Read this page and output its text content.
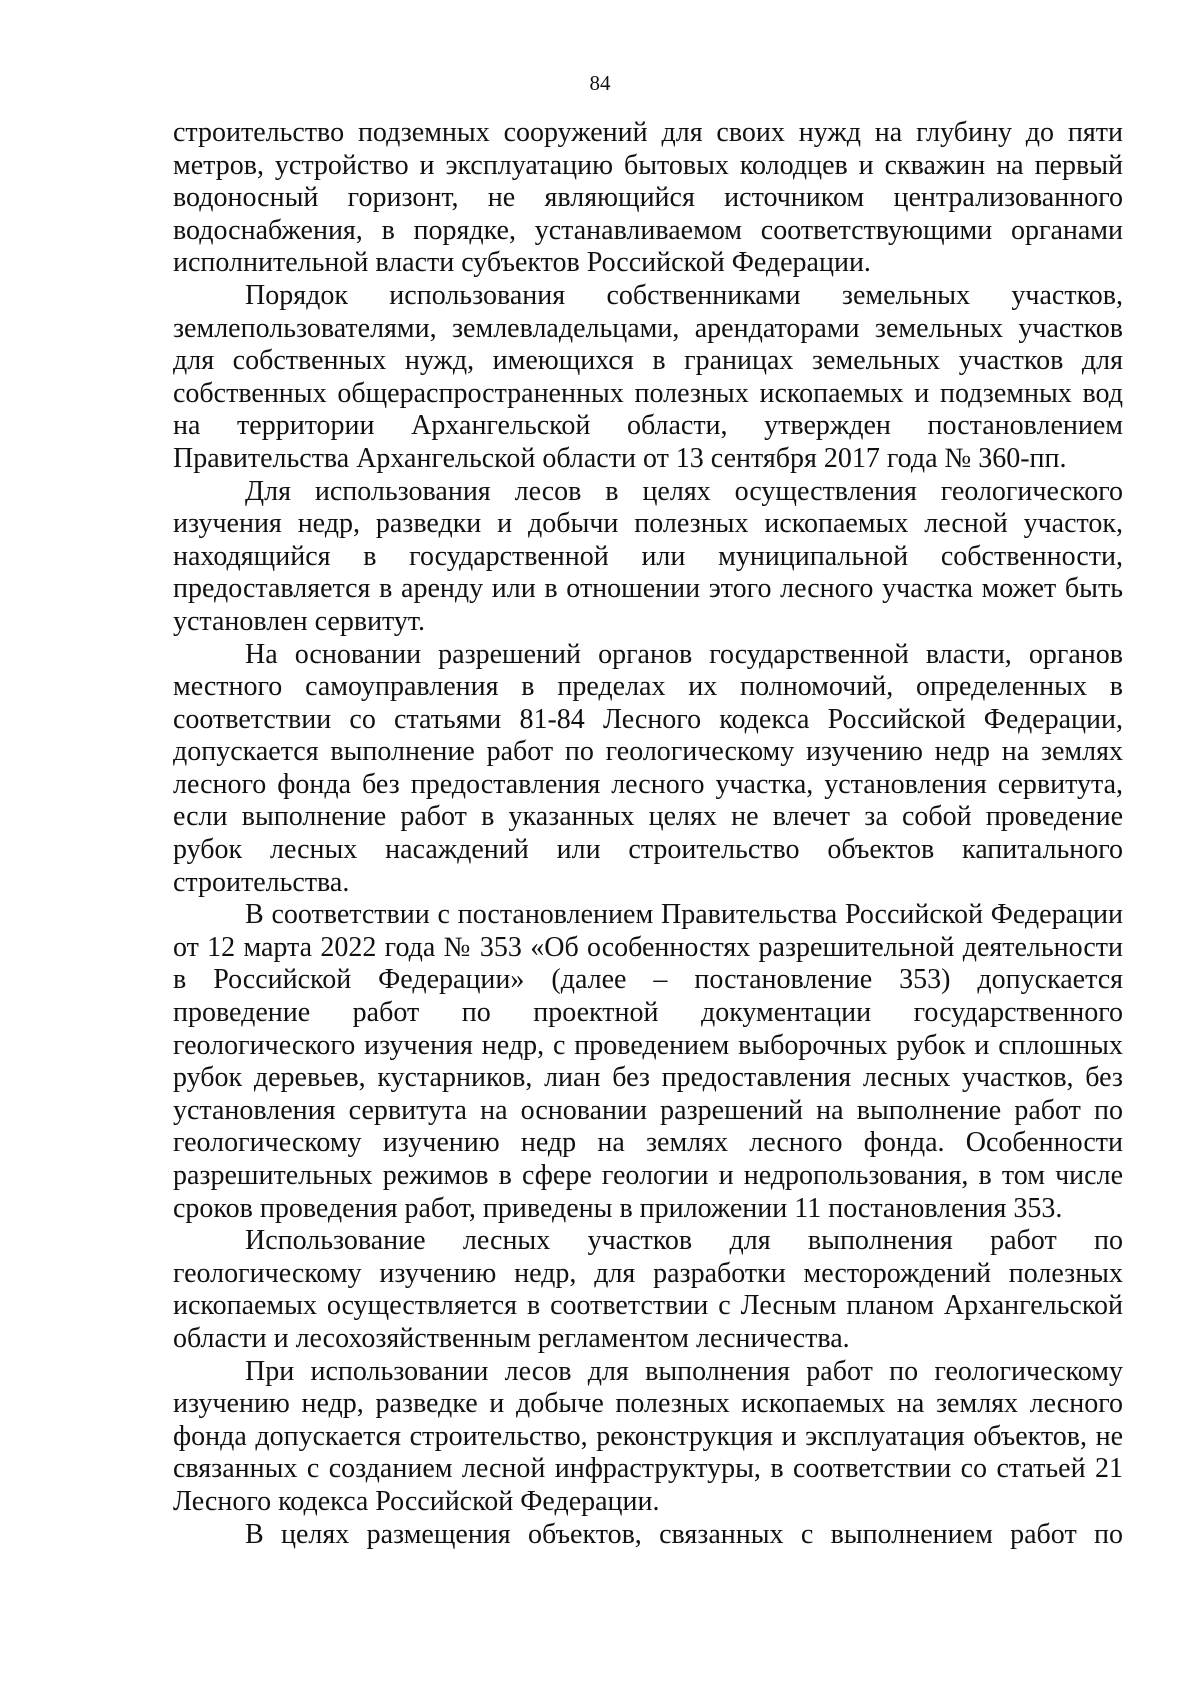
84

строительство подземных сооружений для своих нужд на глубину до пяти метров, устройство и эксплуатацию бытовых колодцев и скважин на первый водоносный горизонт, не являющийся источником централизованного водоснабжения, в порядке, устанавливаемом соответствующими органами исполнительной власти субъектов Российской Федерации.

Порядок использования собственниками земельных участков, землепользователями, землевладельцами, арендаторами земельных участков для собственных нужд, имеющихся в границах земельных участков для собственных общераспространенных полезных ископаемых и подземных вод на территории Архангельской области, утвержден постановлением Правительства Архангельской области от 13 сентября 2017 года № 360-пп.

Для использования лесов в целях осуществления геологического изучения недр, разведки и добычи полезных ископаемых лесной участок, находящийся в государственной или муниципальной собственности, предоставляется в аренду или в отношении этого лесного участка может быть установлен сервитут.

На основании разрешений органов государственной власти, органов местного самоуправления в пределах их полномочий, определенных в соответствии со статьями 81-84 Лесного кодекса Российской Федерации, допускается выполнение работ по геологическому изучению недр на землях лесного фонда без предоставления лесного участка, установления сервитута, если выполнение работ в указанных целях не влечет за собой проведение рубок лесных насаждений или строительство объектов капитального строительства.

В соответствии с постановлением Правительства Российской Федерации от 12 марта 2022 года № 353 «Об особенностях разрешительной деятельности в Российской Федерации» (далее – постановление 353) допускается проведение работ по проектной документации государственного геологического изучения недр, с проведением выборочных рубок и сплошных рубок деревьев, кустарников, лиан без предоставления лесных участков, без установления сервитута на основании разрешений на выполнение работ по геологическому изучению недр на землях лесного фонда. Особенности разрешительных режимов в сфере геологии и недропользования, в том числе сроков проведения работ, приведены в приложении 11 постановления 353.

Использование лесных участков для выполнения работ по геологическому изучению недр, для разработки месторождений полезных ископаемых осуществляется в соответствии с Лесным планом Архангельской области и лесохозяйственным регламентом лесничества.

При использовании лесов для выполнения работ по геологическому изучению недр, разведке и добыче полезных ископаемых на землях лесного фонда допускается строительство, реконструкция и эксплуатация объектов, не связанных с созданием лесной инфраструктуры, в соответствии со статьей 21 Лесного кодекса Российской Федерации.

В целях размещения объектов, связанных с выполнением работ по
